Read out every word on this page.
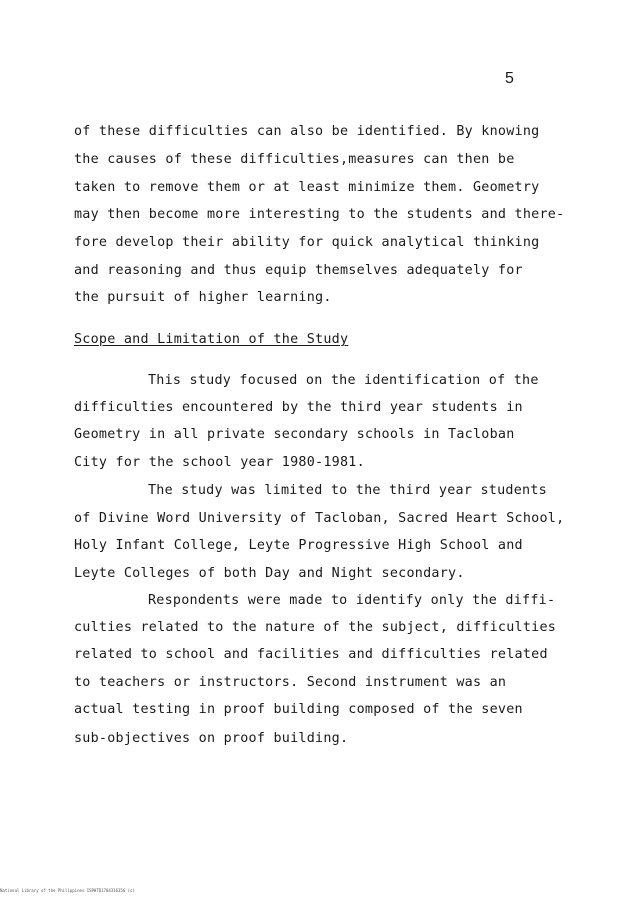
5
of these difficulties can also be identified. By knowing
the causes of these difficulties,measures can then be
taken to remove them or at least minimize them. Geometry
may then become more interesting to the students and there-
fore develop their ability for quick analytical thinking
and reasoning and thus equip themselves adequately for
the pursuit of higher learning.
Scope and Limitation of the Study
This study focused on the identification of the
difficulties encountered by the third year students in
Geometry in all private secondary schools in Tacloban
City for the school year 1980-1981.
The study was limited to the third year students
of Divine Word University of Tacloban, Sacred Heart School,
Holy Infant College, Leyte Progressive High School and
Leyte Colleges of both Day and Night secondary.
Respondents were made to identify only the diffi-
culties related to the nature of the subject, difficulties
related to school and facilities and difficulties related
to teachers or instructors. Second instrument was an
actual testing in proof building composed of the seven
sub-objectives on proof building.
National Library of the Philippines ISPHTD1704316356 (c)
